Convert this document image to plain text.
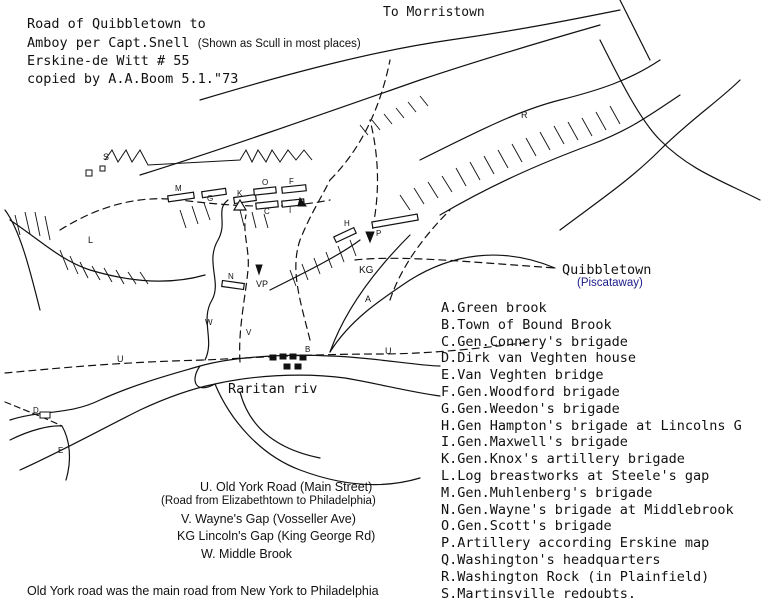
S
L
M
G
K
O	F
C I
H
P
N
VP
KG
A
R
B
U
U
W
V
D
E
Road of Quibbletown to
Amboy per Capt.Snell (Shown as Scull in most places)
Erskine-de Witt # 55
copied by A.A.Boom 5.1."73
To Morristown
Quibbletown
(Piscataway)
Raritan riv
U. Old York Road (Main Street)
(Road from Elizabethtown to Philadelphia)
V. Wayne's Gap (Vosseller Ave)
KG Lincoln's Gap (King George Rd)
W. Middle Brook
Old York road was the main road from New York to Philadelphia
A.Green brook
B.Town of Bound Brook
C.Gen.Connery's brigade
D.Dirk van Veghten house
E.Van Veghten bridge
F.Gen.Woodford brigade
G.Gen.Weedon's brigade
H.Gen Hampton's brigade at Lincolns G
I.Gen.Maxwell's brigade
K.Gen.Knox's artillery brigade
L.Log breastworks at Steele's gap
M.Gen.Muhlenberg's brigade
N.Gen.Wayne's brigade at Middlebrook
O.Gen.Scott's brigade
P.Artillery according Erskine map
Q.Washington's headquarters
R.Washington Rock (in Plainfield)
S.Martinsville redoubts.
